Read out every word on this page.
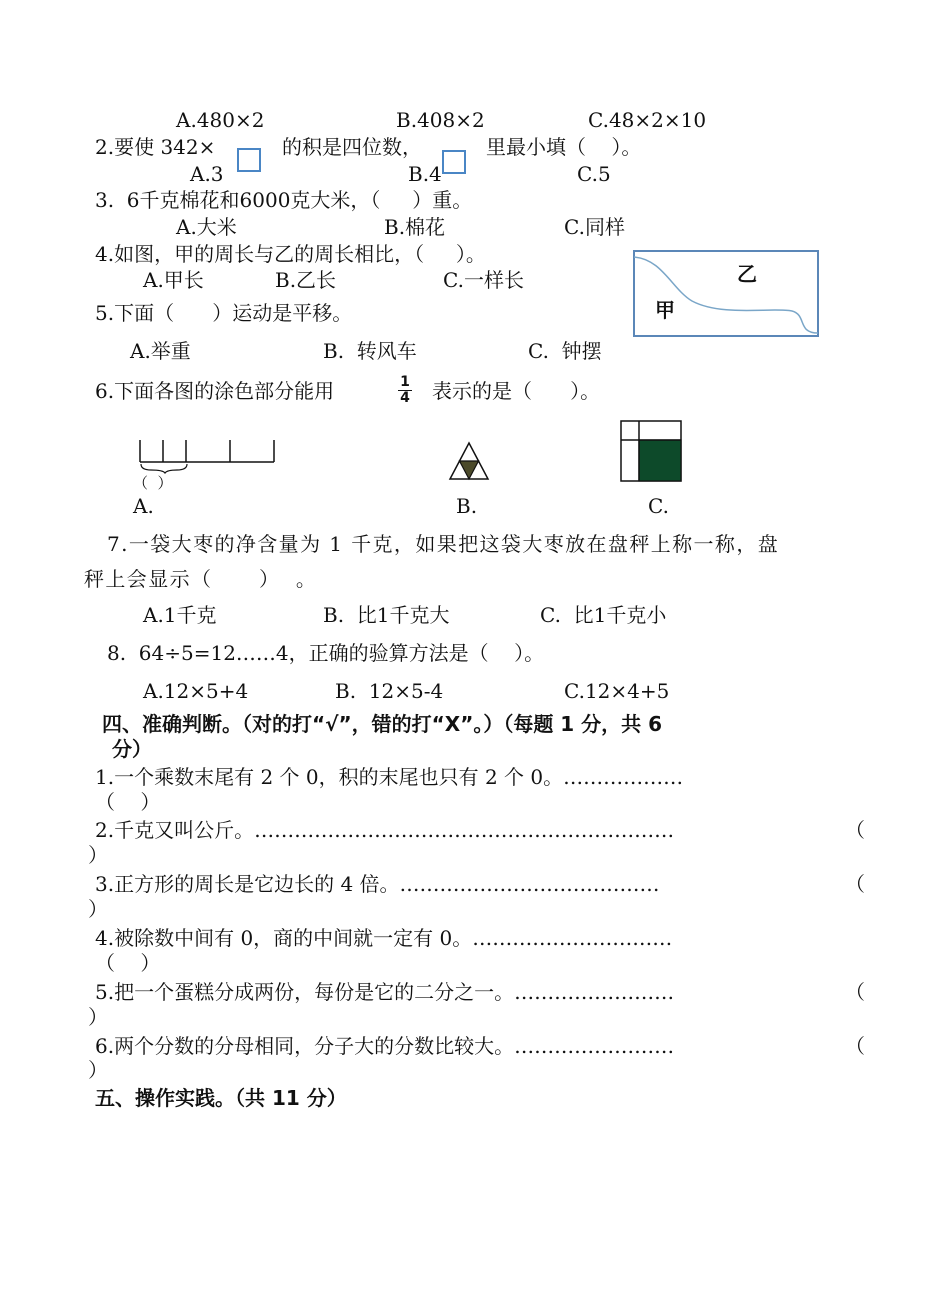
A.480×2	B.408×2	C.48×2×10
2.要使 342×	的积是四位数，	里最小填（    ）。
A.3	B.4	C.5
3.  6千克棉花和6000克大米，（     ）重。
A.大米	B.棉花	C.同样
4.如图，甲的周长与乙的周长相比，（     ）。
A.甲长	B.乙长	C.一样长	乙
甲
5.下面（      ）运动是平移。
A.举重	B.  转风车	C.  钟摆
6.下面各图的涂色部分能用	$\frac{1}{4}$ 表示的是（      ）。
（  ）
A.	B.	C.
7.一袋大枣的净含量为 1 千克，如果把这袋大枣放在盘秤上称一称，盘
秤上会显示（      ）  。
A.1千克	B.  比1千克大	C.  比1千克小
8.  64÷5=12……4，正确的验算方法是（    ）。
A.12×5+4	B.  12×5-4	C.12×4+5
四、准确判断。（对的打“√”，错的打“X”。）（每题 1 分，共 6
分）
1.一个乘数末尾有 2 个 0，积的末尾也只有 2 个 0。………………
（    ）
2.千克又叫公斤。………………………………………………………	（
）
3.正方形的周长是它边长的 4 倍。…………………………………	（
）
4.被除数中间有 0，商的中间就一定有 0。…………………………
（    ）
5.把一个蛋糕分成两份，每份是它的二分之一。……………………	（
）
6.两个分数的分母相同，分子大的分数比较大。……………………	（
）
五、操作实践。（共 11 分）
